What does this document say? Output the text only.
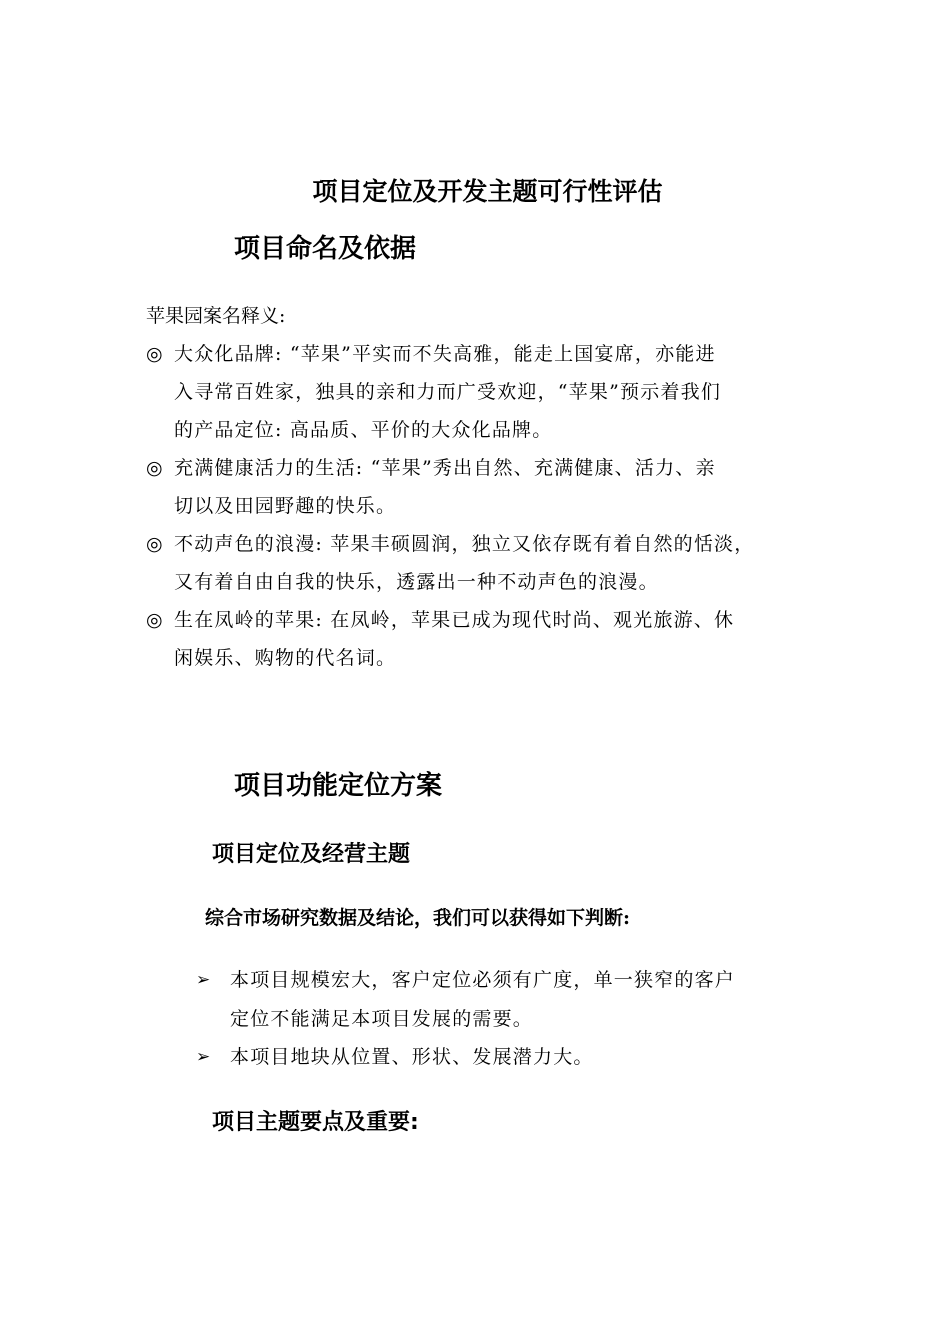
项目定位及开发主题可行性评估
项目命名及依据
苹果园案名释义:
◎ 大众化品牌: “苹果”平实而不失高雅，能走上国宴席，亦能进
入寻常百姓家，独具的亲和力而广受欢迎，“苹果”预示着我们
的产品定位: 高品质、平价的大众化品牌。
◎ 充满健康活力的生活: “苹果”秀出自然、充满健康、活力、亲
切以及田园野趣的快乐。
◎ 不动声色的浪漫: 苹果丰硕圆润，独立又依存既有着自然的恬淡，
又有着自由自我的快乐，透露出一种不动声色的浪漫。
◎ 生在凤岭的苹果: 在凤岭，苹果已成为现代时尚、观光旅游、休
闲娱乐、购物的代名词。
项目功能定位方案
项目定位及经营主题
综合市场研究数据及结论，我们可以获得如下判断:
➢ 本项目规模宏大，客户定位必须有广度，单一狭窄的客户
定位不能满足本项目发展的需要。
➢ 本项目地块从位置、形状、发展潜力大。
项目主题要点及重要:
